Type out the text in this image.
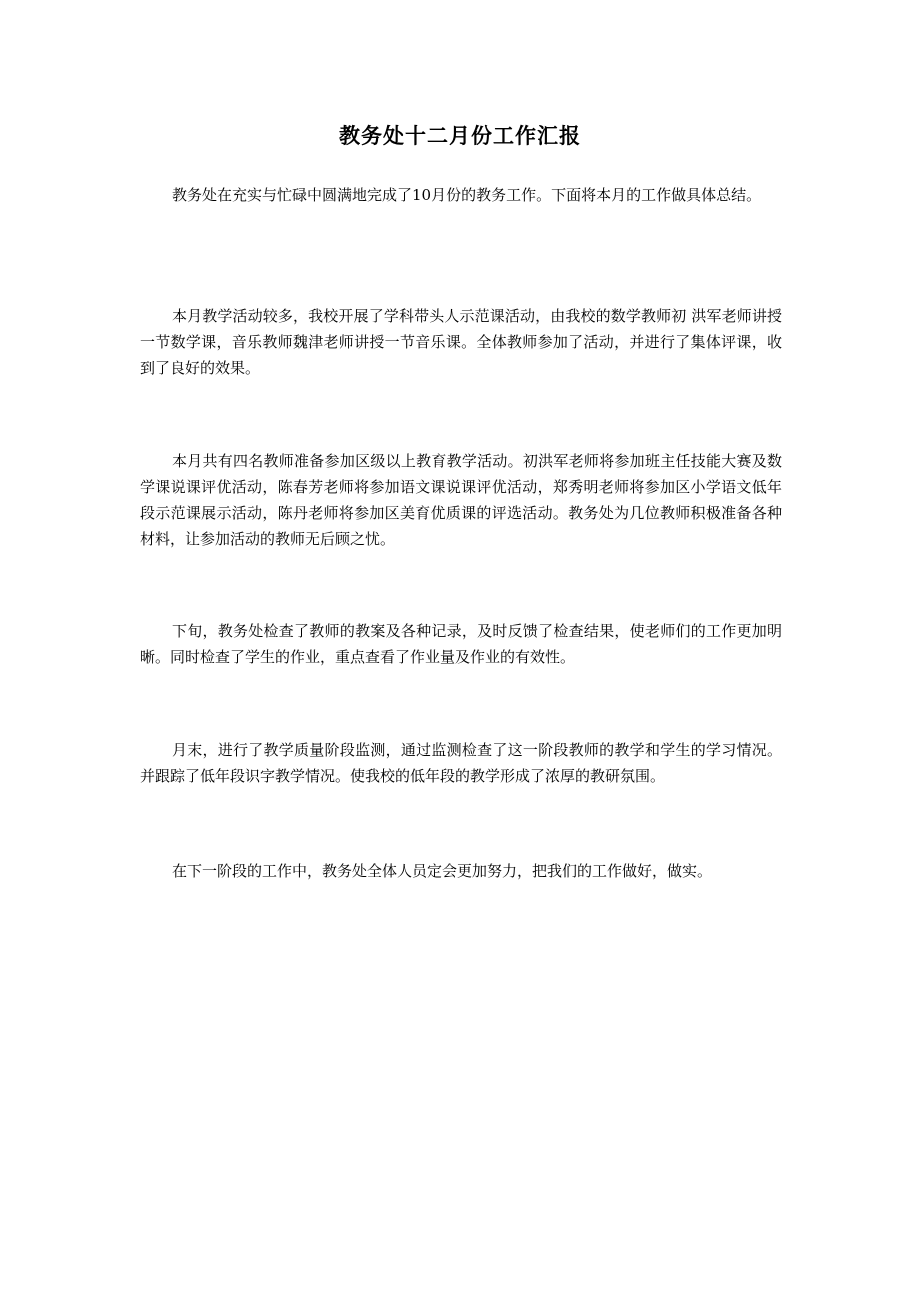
教务处十二月份工作汇报

教务处在充实与忙碌中圆满地完成了10月份的教务工作。下面将本月的工作做具体总结。

本月教学活动较多，我校开展了学科带头人示范课活动，由我校的数学教师初 洪军老师讲授一节数学课，音乐教师魏津老师讲授一节音乐课。全体教师参加了活动，并进行了集体评课，收到了良好的效果。

本月共有四名教师准备参加区级以上教育教学活动。初洪军老师将参加班主任技能大赛及数学课说课评优活动，陈春芳老师将参加语文课说课评优活动，郑秀明老师将参加区小学语文低年段示范课展示活动，陈丹老师将参加区美育优质课的评选活动。教务处为几位教师积极准备各种材料，让参加活动的教师无后顾之忧。

下旬，教务处检查了教师的教案及各种记录，及时反馈了检查结果，使老师们的工作更加明晰。同时检查了学生的作业，重点查看了作业量及作业的有效性。

月末，进行了教学质量阶段监测，通过监测检查了这一阶段教师的教学和学生的学习情况。并跟踪了低年段识字教学情况。使我校的低年段的教学形成了浓厚的教研氛围。

在下一阶段的工作中，教务处全体人员定会更加努力，把我们的工作做好，做实。
